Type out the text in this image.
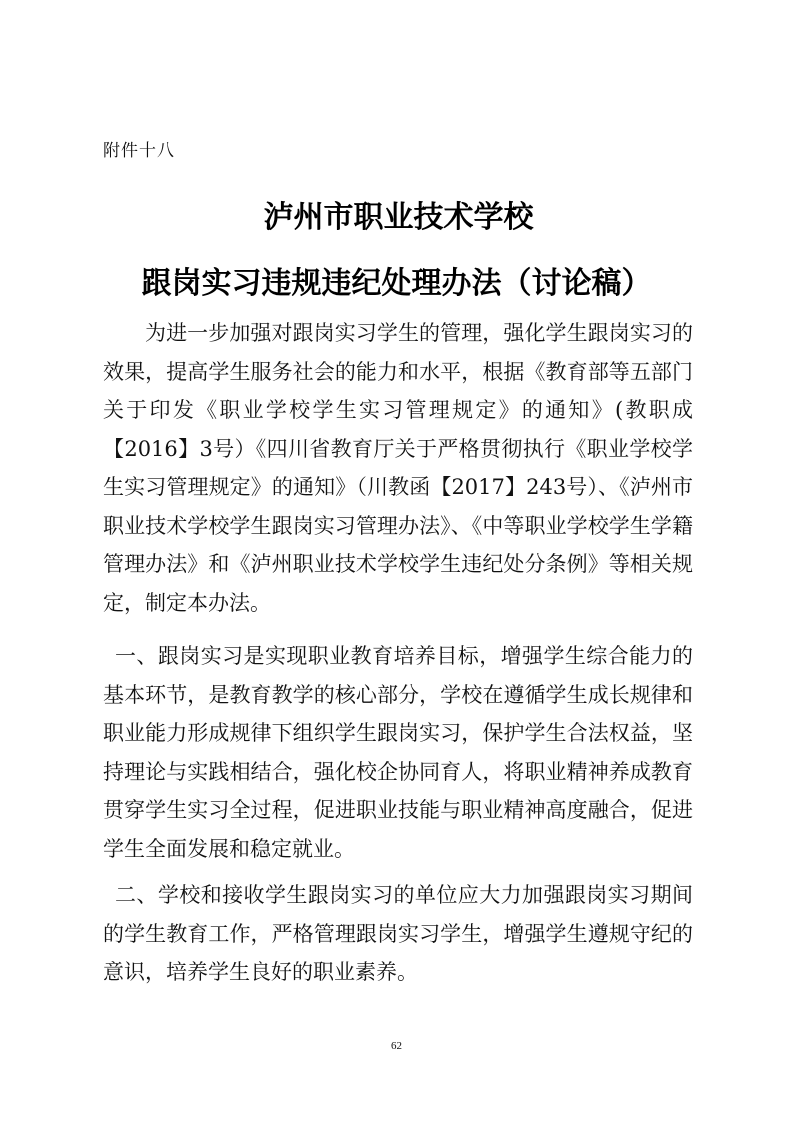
附件十八
泸州市职业技术学校
跟岗实习违规违纪处理办法（讨论稿）

为进一步加强对跟岗实习学生的管理，强化学生跟岗实习的效果，提高学生服务社会的能力和水平，根据《教育部等五部门关于印发《职业学校学生实习管理规定》的通知》(教职成【2016】3号）《四川省教育厅关于严格贯彻执行《职业学校学生实习管理规定》的通知》（川教函【2017】243号）、《泸州市职业技术学校学生跟岗实习管理办法》、《中等职业学校学生学籍管理办法》和《泸州职业技术学校学生违纪处分条例》等相关规定，制定本办法。

一、跟岗实习是实现职业教育培养目标，增强学生综合能力的基本环节，是教育教学的核心部分，学校在遵循学生成长规律和职业能力形成规律下组织学生跟岗实习，保护学生合法权益，坚持理论与实践相结合，强化校企协同育人，将职业精神养成教育贯穿学生实习全过程，促进职业技能与职业精神高度融合，促进学生全面发展和稳定就业。

二、学校和接收学生跟岗实习的单位应大力加强跟岗实习期间的学生教育工作，严格管理跟岗实习学生，增强学生遵规守纪的意识，培养学生良好的职业素养。

62
